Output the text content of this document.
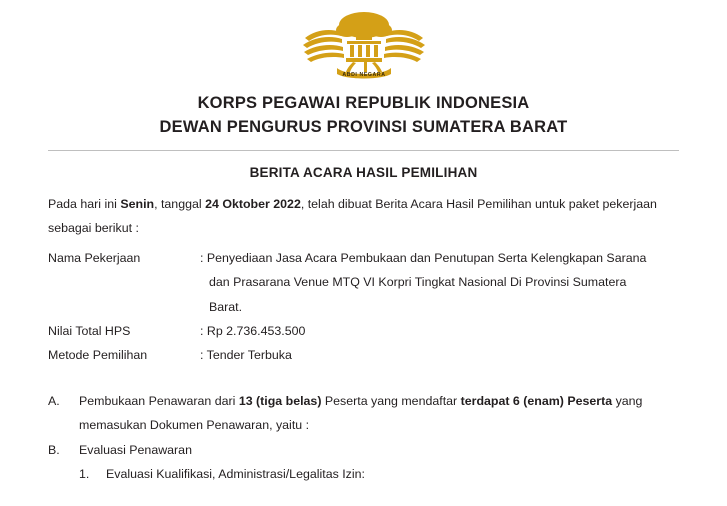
ABDI NEGARA
KORPS PEGAWAI REPUBLIK INDONESIA
DEWAN PENGURUS PROVINSI SUMATERA BARAT
BERITA ACARA HASIL PEMILIHAN
Pada hari ini Senin, tanggal 24 Oktober 2022, telah dibuat Berita Acara Hasil Pemilihan untuk paket pekerjaan sebagai berikut :
Nama Pekerjaan	: Penyediaan Jasa Acara Pembukaan dan Penutupan Serta Kelengkapan Sarana
dan Prasarana Venue MTQ VI Korpri Tingkat Nasional Di Provinsi Sumatera
Barat.
Nilai Total HPS	: Rp 2.736.453.500
Metode Pemilihan	: Tender Terbuka
A.	Pembukaan Penawaran dari 13 (tiga belas) Peserta yang mendaftar terdapat 6 (enam) Peserta yang memasukan Dokumen Penawaran, yaitu :
B.	Evaluasi Penawaran
1.	Evaluasi Kualifikasi, Administrasi/Legalitas Izin:
